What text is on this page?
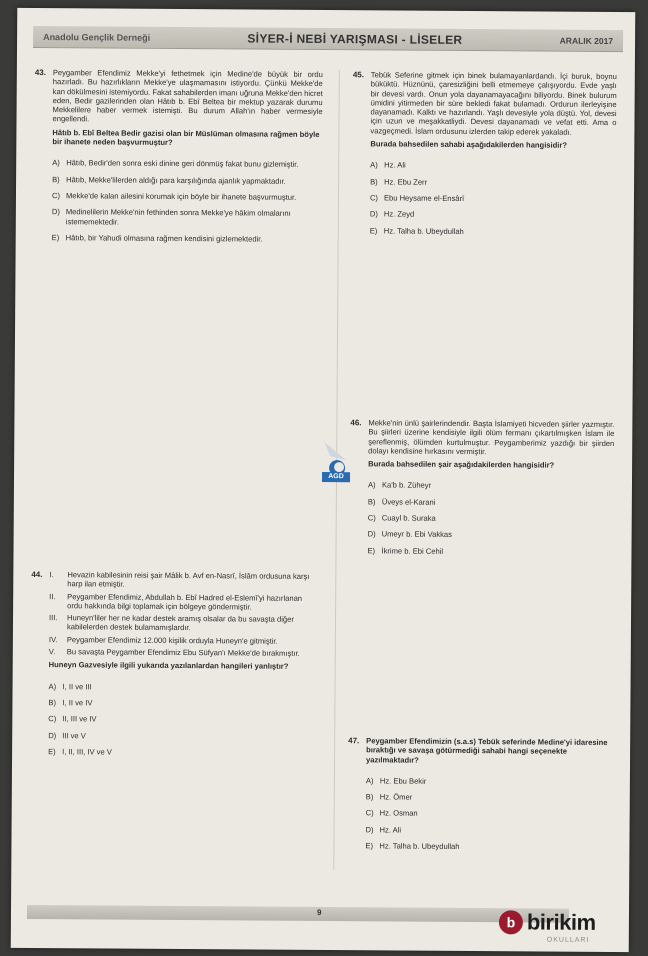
Anadolu Gençlik Derneği	SİYER-İ NEBİ YARIŞMASI - LİSELER	ARALIK 2017
43. Peygamber Efendimiz Mekke'yi fethetmek için Medine'de büyük bir ordu hazırladı. Bu hazırlıkların Mekke'ye ulaşmamasını istiyordu. Çünkü Mekke'de kan dökülmesini istemiyordu. Fakat sahabilerden imanı uğruna Mekke'den hicret eden, Bedir gazilerinden olan Hâtıb b. Ebî Beltea bir mektup yazarak durumu Mekkelilere haber vermek istemişti. Bu durum Allah'ın haber vermesiyle engellendi.
Hâtıb b. Ebî Beltea Bedir gazisi olan bir Müslüman olmasına rağmen böyle bir ihanete neden başvurmuştur?
A) Hâtıb, Bedir'den sonra eski dinine geri dönmüş fakat bunu gizlemiştir.
B) Hâtıb, Mekke'lilerden aldığı para karşılığında ajanlık yapmaktadır.
C) Mekke'de kalan ailesini korumak için böyle bir ihanete başvurmuştur.
D) Medinelilerin Mekke'nin fethinden sonra Mekke'ye hâkim olmalarını istememektedir.
E) Hâtıb, bir Yahudi olmasına rağmen kendisini gizlemektedir.
44. I.	Hevazin kabilesinin reisi şair Mâlik b. Avf en-Nasrî, İslâm ordusuna karşı harp ilan etmiştir.
II.	Peygamber Efendimiz, Abdullah b. Ebî Hadred el-Eslemî'yi hazırlanan ordu hakkında bilgi toplamak için bölgeye göndermiştir.
III.	Huneyn'liler her ne kadar destek aramış olsalar da bu savaşta diğer kabilelerden destek bulamamışlardır.
IV.	Peygamber Efendimiz 12.000 kişilik orduyla Huneyn'e gitmiştir.
V.	Bu savaşta Peygamber Efendimiz Ebu Süfyan'ı Mekke'de bırakmıştır.
Huneyn Gazvesiyle ilgili yukarıda yazılanlardan hangileri yanlıştır?
A) I, II ve III
B) I, II ve IV
C) II, III ve IV
D) III ve V
E) I, II, III, IV ve V
45. Tebük Seferine gitmek için binek bulamayanlardandı. İçi buruk, boynu büküktü. Hüznünü, çaresizliğini belli etmemeye çalışıyordu. Evde yaşlı bir devesi vardı. Onun yola dayanamayacağını biliyordu. Binek bulurum ümidini yitirmeden bir süre bekledi fakat bulamadı. Ordurun ilerleyişine dayanamadı. Kalktı ve hazırlandı. Yaşlı devesiyle yola düştü. Yol, devesi için uzun ve meşakkatliydi. Devesi dayanamadı ve vefat etti. Ama o vazgeçmedi. İslam ordusunu izlerden takip ederek yakaladı.
Burada bahsedilen sahabi aşağıdakilerden hangisidir?
A) Hz. Ali
B) Hz. Ebu Zerr
C) Ebu Heysame el-Ensârî
D) Hz. Zeyd
E) Hz. Talha b. Ubeydullah
AGD
46. Mekke'nin ünlü şairlerindendir. Başta İslamiyeti hicveden şiirler yazmıştır. Bu şiirleri üzerine kendisiyle ilgili ölüm fermanı çıkartılmışken İslam ile şereflenmiş, ölümden kurtulmuştur. Peygamberimiz yazdığı bir şiirden dolayı kendisine hırkasını vermiştir.
Burada bahsedilen şair aşağıdakilerden hangisidir?
A) Ka'b b. Züheyr
B) Üveys el-Karani
C) Cuayl b. Suraka
D) Umeyr b. Ebi Vakkas
E) İkrime b. Ebi Cehil
47. Peygamber Efendimizin (s.a.s) Tebük seferinde Medine'yi idaresine bıraktığı ve savaşa götürmediği sahabi hangi seçenekte yazılmaktadır?
A) Hz. Ebu Bekir
B) Hz. Ömer
C) Hz. Osman
D) Hz. Ali
E) Hz. Talha b. Ubeydullah
9
b birikim
OKULLARI
